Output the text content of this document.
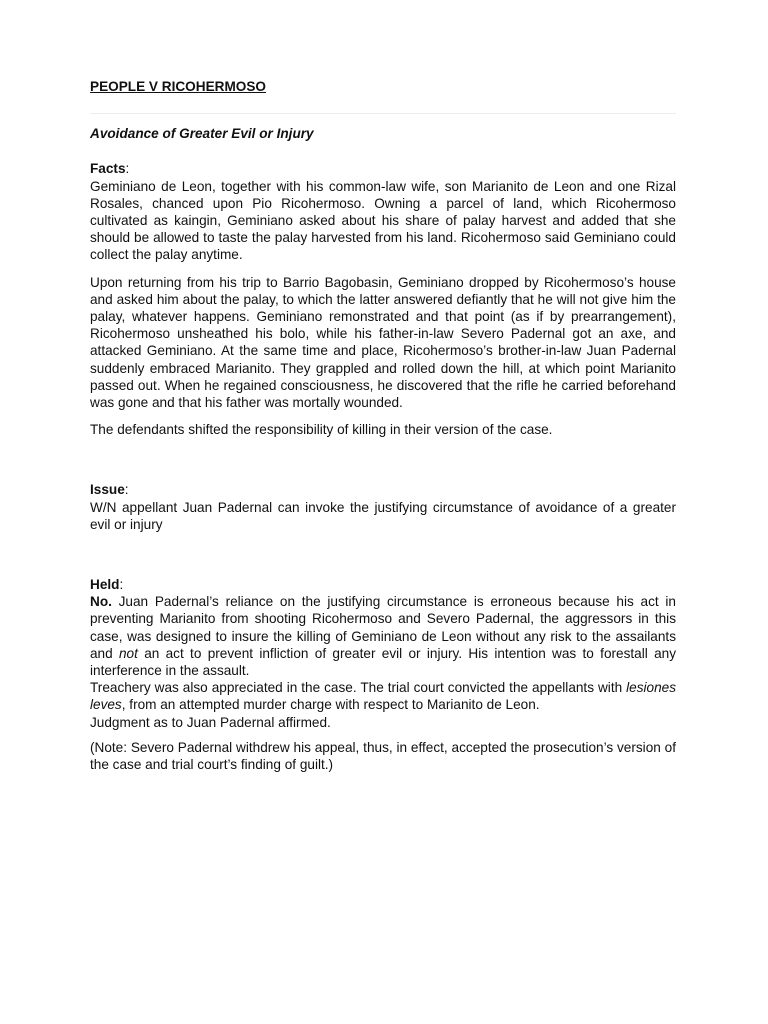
PEOPLE V RICOHERMOSO

Avoidance of Greater Evil or Injury

Facts:

Geminiano de Leon, together with his common-law wife, son Marianito de Leon and one Rizal Rosales, chanced upon Pio Ricohermoso. Owning a parcel of land, which Ricohermoso cultivated as kaingin, Geminiano asked about his share of palay harvest and added that she should be allowed to taste the palay harvested from his land. Ricohermoso said Geminiano could collect the palay anytime.

Upon returning from his trip to Barrio Bagobasin, Geminiano dropped by Ricohermoso’s house and asked him about the palay, to which the latter answered defiantly that he will not give him the palay, whatever happens. Geminiano remonstrated and that point (as if by prearrangement), Ricohermoso unsheathed his bolo, while his father-in-law Severo Padernal got an axe, and attacked Geminiano. At the same time and place, Ricohermoso’s brother-in-law Juan Padernal suddenly embraced Marianito. They grappled and rolled down the hill, at which point Marianito passed out. When he regained consciousness, he discovered that the rifle he carried beforehand was gone and that his father was mortally wounded.

The defendants shifted the responsibility of killing in their version of the case.

Issue:

W/N appellant Juan Padernal can invoke the justifying circumstance of avoidance of a greater evil or injury

Held:

No. Juan Padernal’s reliance on the justifying circumstance is erroneous because his act in preventing Marianito from shooting Ricohermoso and Severo Padernal, the aggressors in this case, was designed to insure the killing of Geminiano de Leon without any risk to the assailants and not an act to prevent infliction of greater evil or injury. His intention was to forestall any interference in the assault.

Treachery was also appreciated in the case. The trial court convicted the appellants with lesiones leves, from an attempted murder charge with respect to Marianito de Leon.

Judgment as to Juan Padernal affirmed.

(Note: Severo Padernal withdrew his appeal, thus, in effect, accepted the prosecution’s version of the case and trial court’s finding of guilt.)
